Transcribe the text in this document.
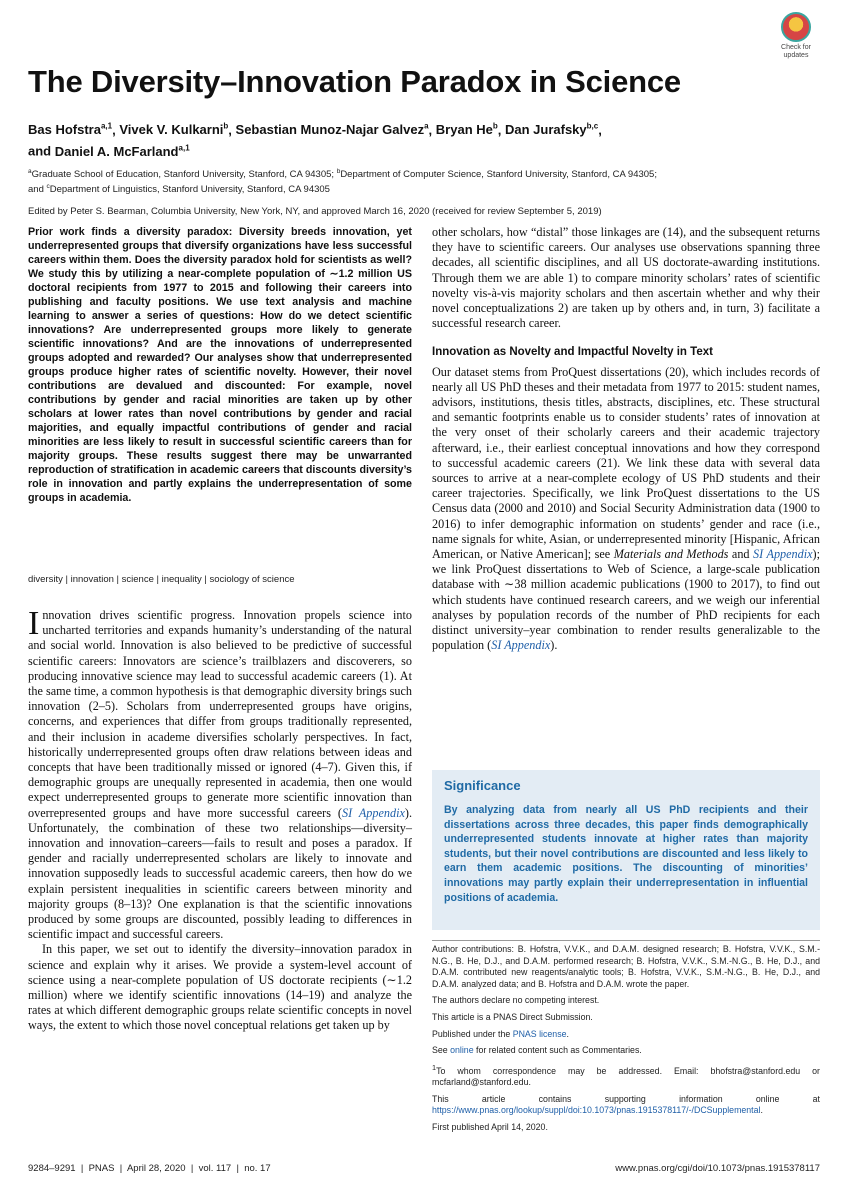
Check for
updates
The Diversity–Innovation Paradox in Science
Bas Hofstra$^{a,1}$, Vivek V. Kulkarni$^b$, Sebastian Munoz-Najar Galvez$^a$, Bryan He$^b$, Dan Jurafsky$^{b,c}$,
and Daniel A. McFarland$^{a,1}$
$^a$Graduate School of Education, Stanford University, Stanford, CA 94305; $^b$Department of Computer Science, Stanford University, Stanford, CA 94305;
and $^c$Department of Linguistics, Stanford University, Stanford, CA 94305
Edited by Peter S. Bearman, Columbia University, New York, NY, and approved March 16, 2020 (received for review September 5, 2019)

Prior work finds a diversity paradox: Diversity breeds innovation, yet underrepresented groups that diversify organizations have less successful careers within them. Does the diversity paradox hold for scientists as well? We study this by utilizing a near-complete population of ∼1.2 million US doctoral recipients from 1977 to 2015 and following their careers into publishing and faculty positions. We use text analysis and machine learning to answer a series of questions: How do we detect scientific innovations? Are underrepresented groups more likely to generate scientific innovations? And are the innovations of underrepresented groups adopted and rewarded? Our analyses show that underrepresented groups produce higher rates of scientific novelty. However, their novel contributions are devalued and discounted: For example, novel contributions by gender and racial minorities are taken up by other scholars at lower rates than novel contributions by gender and racial majorities, and equally impactful contributions of gender and racial minorities are less likely to result in successful scientific careers than for majority groups. These results suggest there may be unwarranted reproduction of stratification in academic careers that discounts diversity’s role in innovation and partly explains the underrepresentation of some groups in academia.

diversity | innovation | science | inequality | sociology of science

Innovation drives scientific progress. Innovation propels science into uncharted territories and expands humanity’s understanding of the natural and social world. Innovation is also believed to be predictive of successful scientific careers: Innovators are science’s trailblazers and discoverers, so producing innovative science may lead to successful academic careers (1). At the same time, a common hypothesis is that demographic diversity brings such innovation (2–5). Scholars from underrepresented groups have origins, concerns, and experiences that differ from groups traditionally represented, and their inclusion in academe diversifies scholarly perspectives. In fact, historically underrepresented groups often draw relations between ideas and concepts that have been traditionally missed or ignored (4–7). Given this, if demographic groups are unequally represented in academia, then one would expect underrepresented groups to generate more scientific innovation than overrepresented groups and have more successful careers (SI Appendix). Unfortunately, the combination of these two relationships—diversity–innovation and innovation–careers—fails to result and poses a paradox. If gender and racially underrepresented scholars are likely to innovate and innovation supposedly leads to successful academic careers, then how do we explain persistent inequalities in scientific careers between minority and majority groups (8–13)? One explanation is that the scientific innovations produced by some groups are discounted, possibly leading to differences in scientific impact and successful careers.

In this paper, we set out to identify the diversity–innovation paradox in science and explain why it arises. We provide a system-level account of science using a near-complete population of US doctorate recipients (∼1.2 million) where we identify scientific innovations (14–19) and analyze the rates at which different demographic groups relate scientific concepts in novel ways, the extent to which those novel conceptual relations get taken up by

other scholars, how “distal” those linkages are (14), and the subsequent returns they have to scientific careers. Our analyses use observations spanning three decades, all scientific disciplines, and all US doctorate-awarding institutions. Through them we are able 1) to compare minority scholars’ rates of scientific novelty vis-à-vis majority scholars and then ascertain whether and why their novel conceptualizations 2) are taken up by others and, in turn, 3) facilitate a successful research career.

Innovation as Novelty and Impactful Novelty in Text

Our dataset stems from ProQuest dissertations (20), which includes records of nearly all US PhD theses and their metadata from 1977 to 2015: student names, advisors, institutions, thesis titles, abstracts, disciplines, etc. These structural and semantic footprints enable us to consider students’ rates of innovation at the very onset of their scholarly careers and their academic trajectory afterward, i.e., their earliest conceptual innovations and how they correspond to successful academic careers (21). We link these data with several data sources to arrive at a near-complete ecology of US PhD students and their career trajectories. Specifically, we link ProQuest dissertations to the US Census data (2000 and 2010) and Social Security Administration data (1900 to 2016) to infer demographic information on students’ gender and race (i.e., name signals for white, Asian, or underrepresented minority [Hispanic, African American, or Native American]; see Materials and Methods and SI Appendix); we link ProQuest dissertations to Web of Science, a large-scale publication database with ∼38 million academic publications (1900 to 2017), to find out which students have continued research careers, and we weigh our inferential analyses by population records of the number of PhD recipients for each distinct university–year combination to render results generalizable to the population (SI Appendix).

Significance

By analyzing data from nearly all US PhD recipients and their dissertations across three decades, this paper finds demographically underrepresented students innovate at higher rates than majority students, but their novel contributions are discounted and less likely to earn them academic positions. The discounting of minorities’ innovations may partly explain their underrepresentation in influential positions of academia.

Author contributions: B. Hofstra, V.V.K., and D.A.M. designed research; B. Hofstra, V.V.K., S.M.-N.G., B. He, D.J., and D.A.M. performed research; B. Hofstra, V.V.K., S.M.-N.G., B. He, D.J., and D.A.M. contributed new reagents/analytic tools; B. Hofstra, V.V.K., S.M.-N.G., B. He, D.J., and D.A.M. analyzed data; and B. Hofstra and D.A.M. wrote the paper.

The authors declare no competing interest.

This article is a PNAS Direct Submission.

Published under the PNAS license.

See online for related content such as Commentaries.

$^1$To whom correspondence may be addressed. Email: bhofstra@stanford.edu or mcfarland@stanford.edu.

This article contains supporting information online at https://www.pnas.org/lookup/suppl/doi:10.1073/pnas.1915378117/-/DCSupplemental.

First published April 14, 2020.

9284–9291  |  PNAS  |  April 28, 2020  |  vol. 117  |  no. 17	www.pnas.org/cgi/doi/10.1073/pnas.1915378117
